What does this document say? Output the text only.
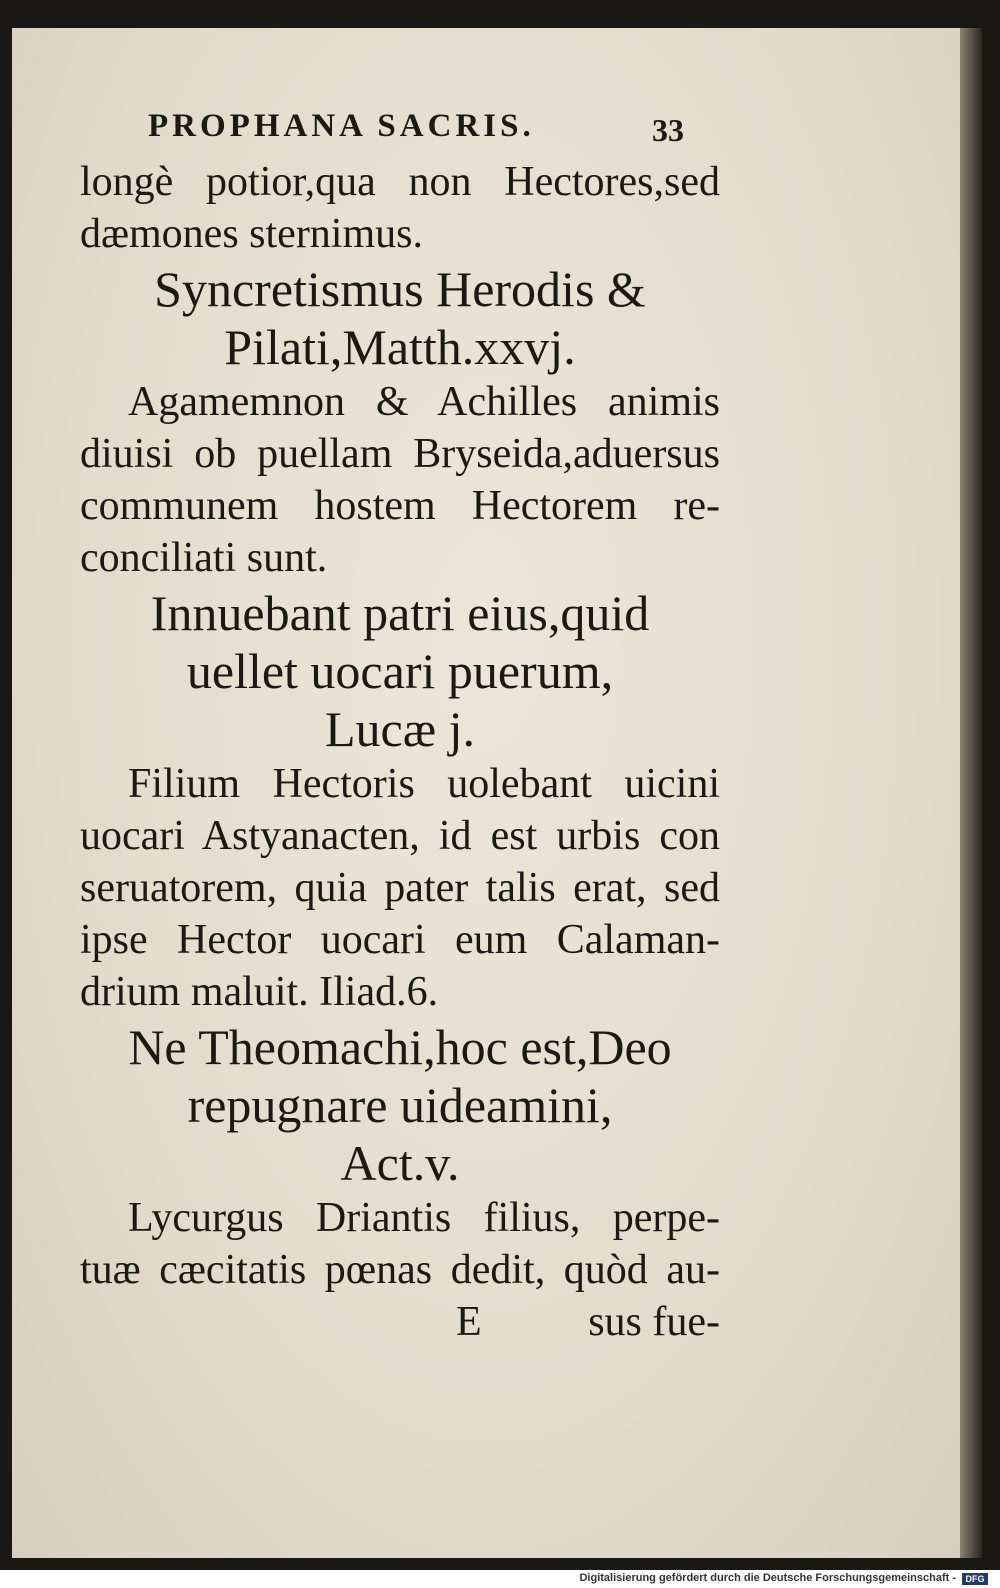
PROPHANA SACRIS.	33
longè potior,qua non Hectores,sed
dæmones sternimus.
Syncretismus Herodis &
Pilati,Matth.xxvj.
Agamemnon & Achilles animis
diuisi ob puellam Bryseida,aduersus
communem hostem Hectorem re-
conciliati sunt.
Innuebant patri eius,quid
uellet uocari puerum,
Lucæ j.
Filium Hectoris uolebant uicini
uocari Astyanacten, id est urbis con
seruatorem, quia pater talis erat, sed
ipse Hector uocari eum Calaman-
drium maluit. Iliad.6.
Ne Theomachi,hoc est,Deo
repugnare uideamini,
Act.v.
Lycurgus Driantis filius, perpe-
tuæ cæcitatis pœnas dedit, quòd au-
E	sus fue-
Digitalisierung gefördert durch die Deutsche Forschungsgemeinschaft -	DFG
